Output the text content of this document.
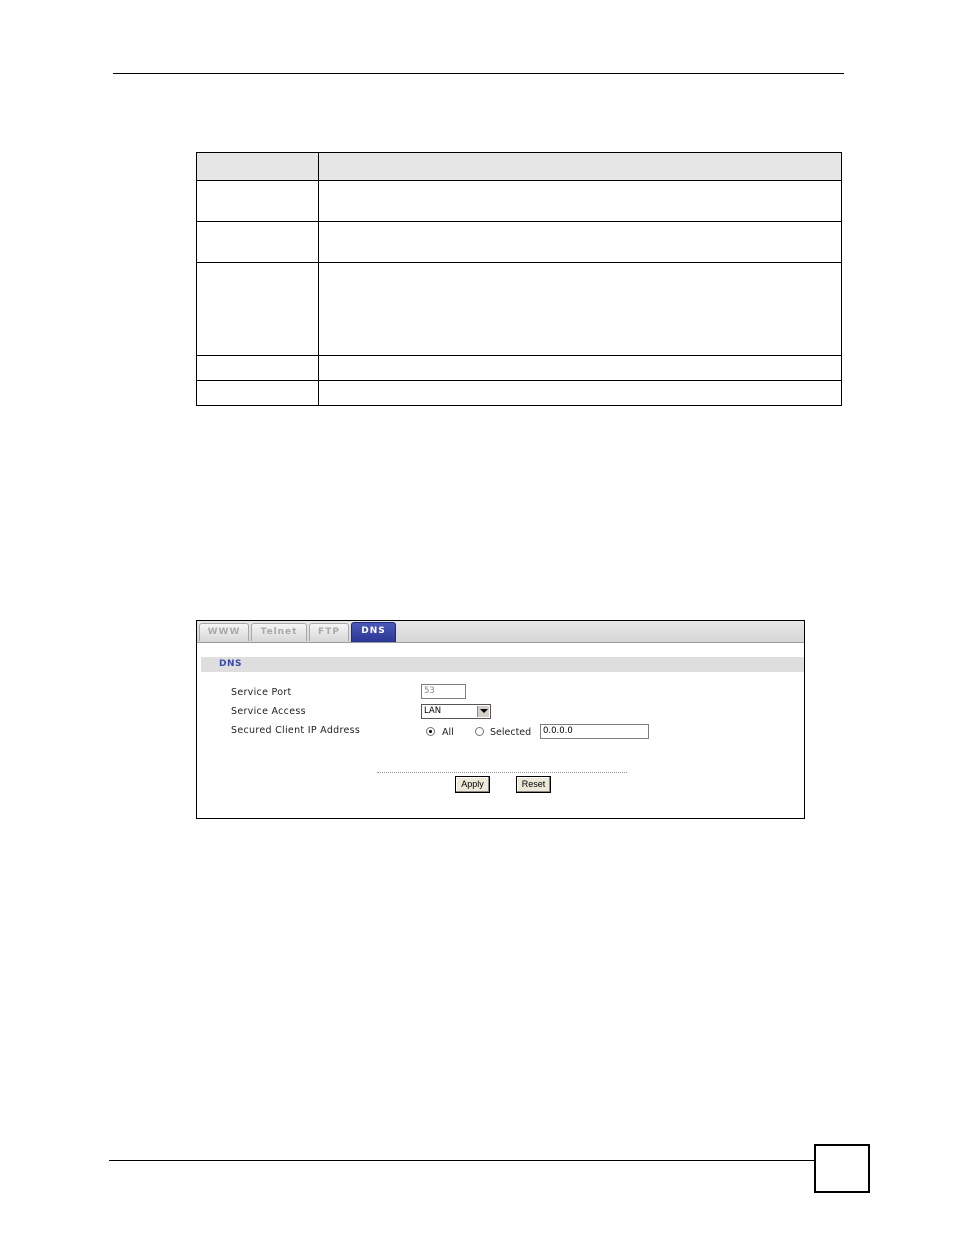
WWW	Telnet	FTP	DNS
DNS
Service Port	53
Service Access	LAN
Secured Client IP Address	All	Selected	0.0.0.0
Apply	Reset
